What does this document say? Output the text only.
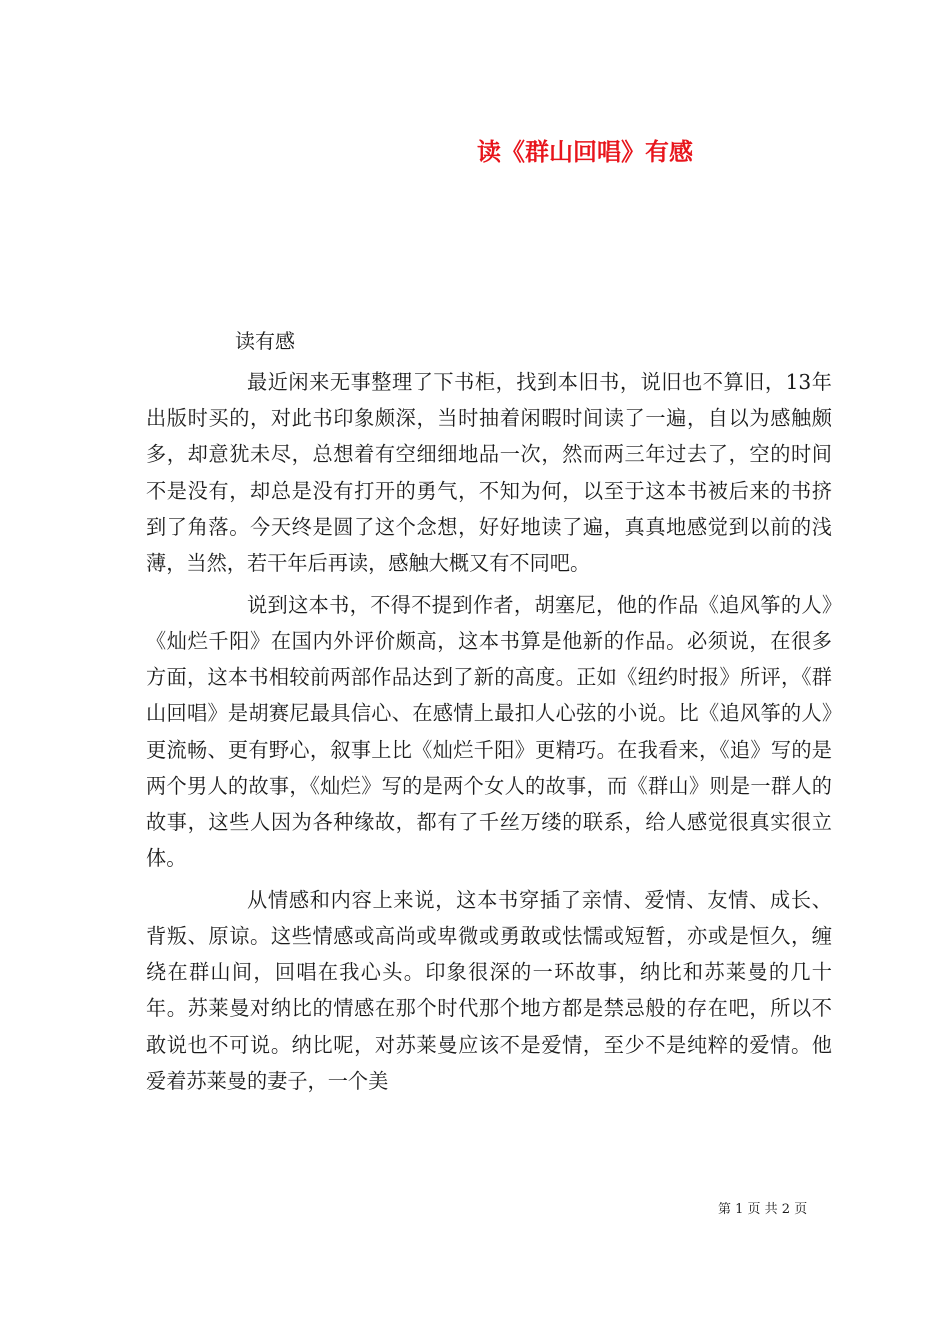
读《群山回唱》有感
读有感

最近闲来无事整理了下书柜，找到本旧书，说旧也不算旧，13年出版时买的，对此书印象颇深，当时抽着闲暇时间读了一遍，自以为感触颇多，却意犹未尽，总想着有空细细地品一次，然而两三年过去了，空的时间不是没有，却总是没有打开的勇气，不知为何，以至于这本书被后来的书挤到了角落。今天终是圆了这个念想，好好地读了遍，真真地感觉到以前的浅薄，当然，若干年后再读，感触大概又有不同吧。

说到这本书，不得不提到作者，胡塞尼，他的作品《追风筝的人》《灿烂千阳》在国内外评价颇高，这本书算是他新的作品。必须说，在很多方面，这本书相较前两部作品达到了新的高度。正如《纽约时报》所评，《群山回唱》是胡赛尼最具信心、在感情上最扣人心弦的小说。比《追风筝的人》更流畅、更有野心，叙事上比《灿烂千阳》更精巧。在我看来，《追》写的是两个男人的故事，《灿烂》写的是两个女人的故事，而《群山》则是一群人的故事，这些人因为各种缘故，都有了千丝万缕的联系，给人感觉很真实很立体。

从情感和内容上来说，这本书穿插了亲情、爱情、友情、成长、背叛、原谅。这些情感或高尚或卑微或勇敢或怯懦或短暂，亦或是恒久，缠绕在群山间，回唱在我心头。印象很深的一环故事，纳比和苏莱曼的几十年。苏莱曼对纳比的情感在那个时代那个地方都是禁忌般的存在吧，所以不敢说也不可说。纳比呢，对苏莱曼应该不是爱情，至少不是纯粹的爱情。他爱着苏莱曼的妻子，一个美

第 1 页 共 2 页
